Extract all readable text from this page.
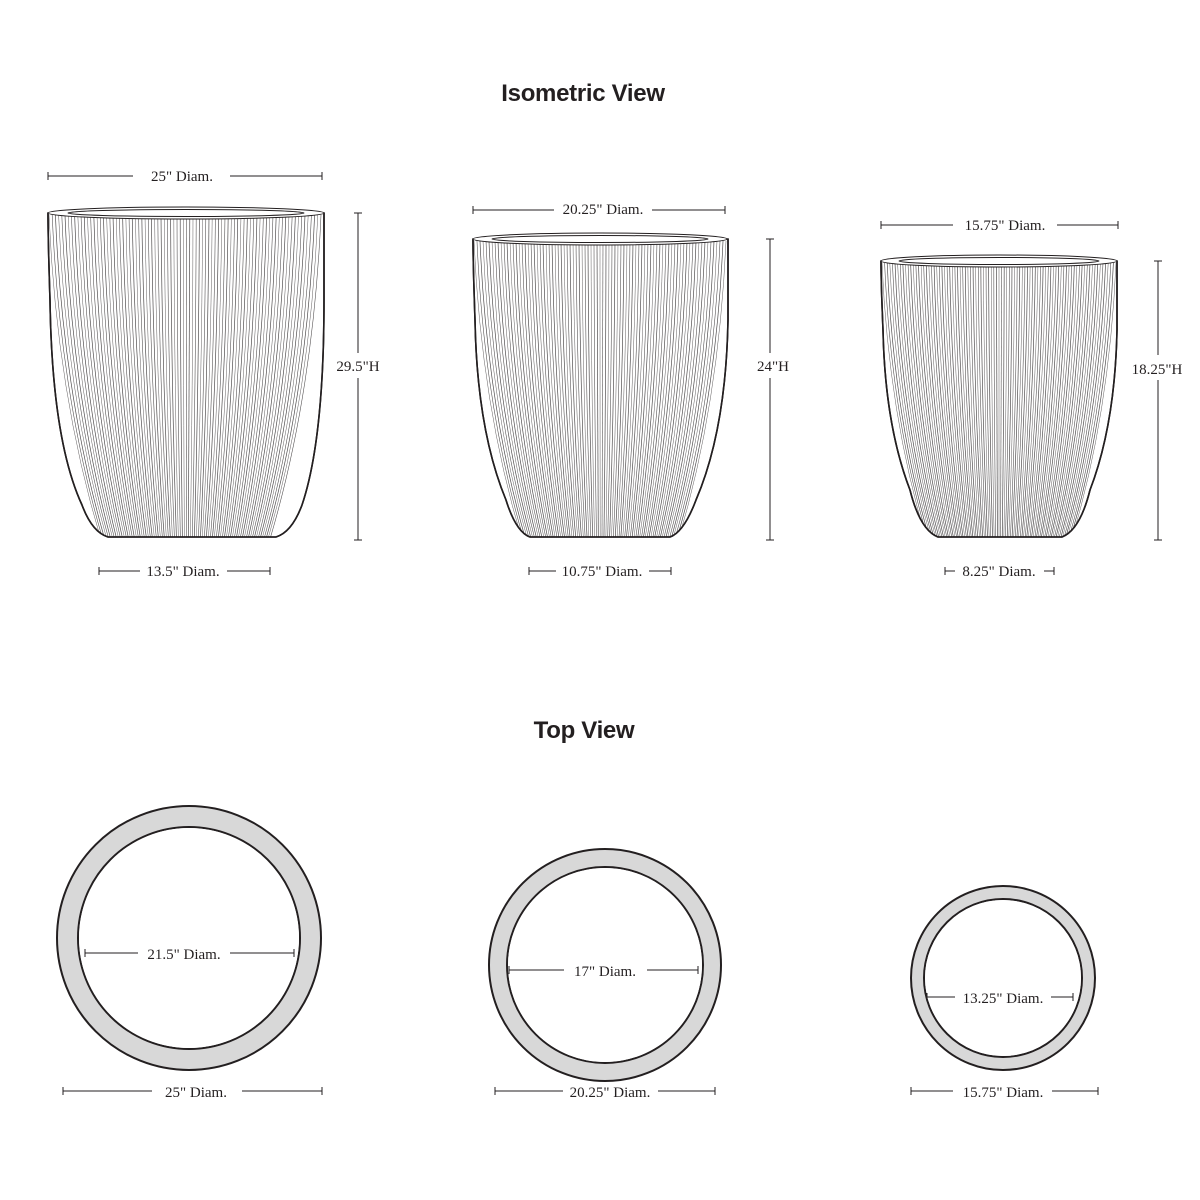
Isometric View
Top View
25" Diam.
29.5"H
13.5" Diam.
20.25" Diam.
24"H
10.75" Diam.
15.75" Diam.
18.25"H
8.25" Diam.
21.5" Diam.
25" Diam.
17" Diam.
20.25" Diam.
13.25" Diam.
15.75" Diam.
